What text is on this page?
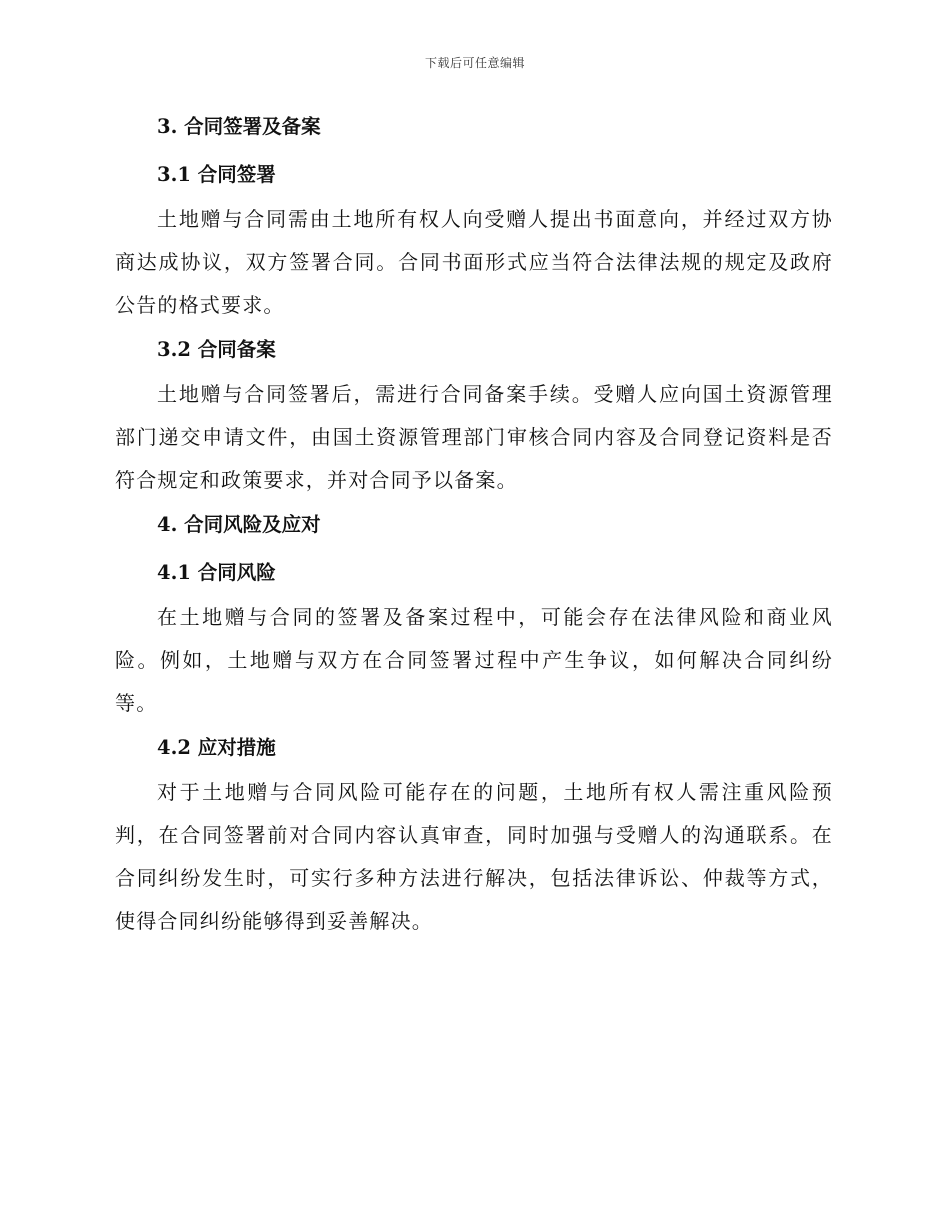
下载后可任意编辑
3. 合同签署及备案
3.1 合同签署

土地赠与合同需由土地所有权人向受赠人提出书面意向，并经过双方协商达成协议，双方签署合同。合同书面形式应当符合法律法规的规定及政府公告的格式要求。

3.2 合同备案

土地赠与合同签署后，需进行合同备案手续。受赠人应向国土资源管理部门递交申请文件，由国土资源管理部门审核合同内容及合同登记资料是否符合规定和政策要求，并对合同予以备案。

4. 合同风险及应对
4.1 合同风险

在土地赠与合同的签署及备案过程中，可能会存在法律风险和商业风险。例如，土地赠与双方在合同签署过程中产生争议，如何解决合同纠纷等。

4.2 应对措施

对于土地赠与合同风险可能存在的问题，土地所有权人需注重风险预判，在合同签署前对合同内容认真审查，同时加强与受赠人的沟通联系。在合同纠纷发生时，可实行多种方法进行解决，包括法律诉讼、仲裁等方式，使得合同纠纷能够得到妥善解决。
